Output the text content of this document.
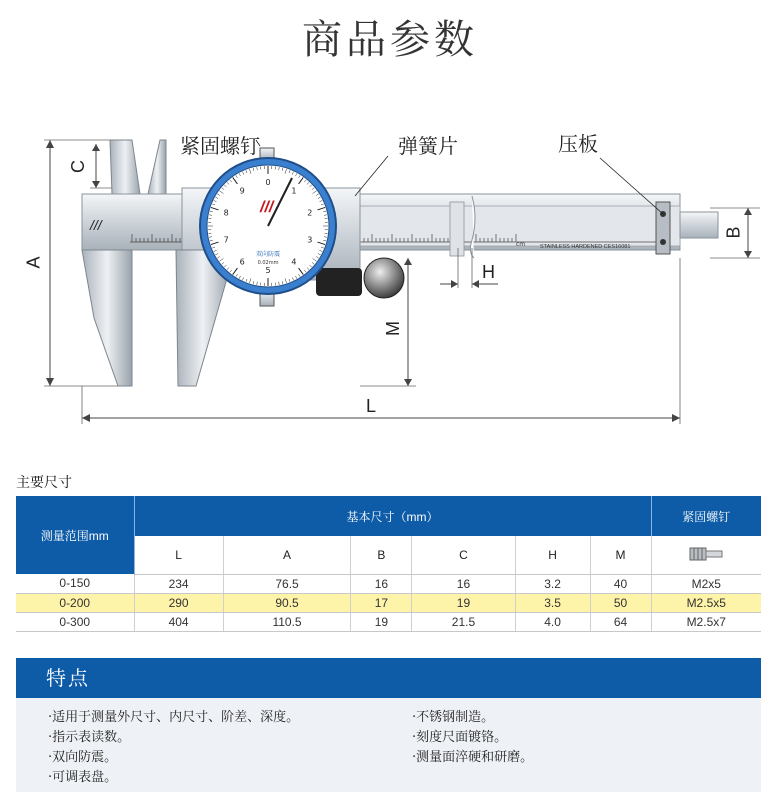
商品参数
///
0
1
2
3
4
5
6
7
8
9
///
双向防震
0.02mm
STAINLESS HARDENED CES16081
cm
紧固螺钉	弹簧片	压板
A
C
B
H
M
L
主要尺寸
测量范围mm	基本尺寸（mm）						紧固螺钉
	L	A	B	C	H	M	
0-150	234	76.5	16	16	3.2	40	M2x5
0-200	290	90.5	17	19	3.5	50	M2.5x5
0-300	404	110.5	19	21.5	4.0	64	M2.5x7
特点
·适用于测量外尺寸、内尺寸、阶差、深度。
·指示表读数。
·双向防震。
·可调表盘。
·不锈钢制造。
·刻度尺面镀铬。
·测量面淬硬和研磨。
